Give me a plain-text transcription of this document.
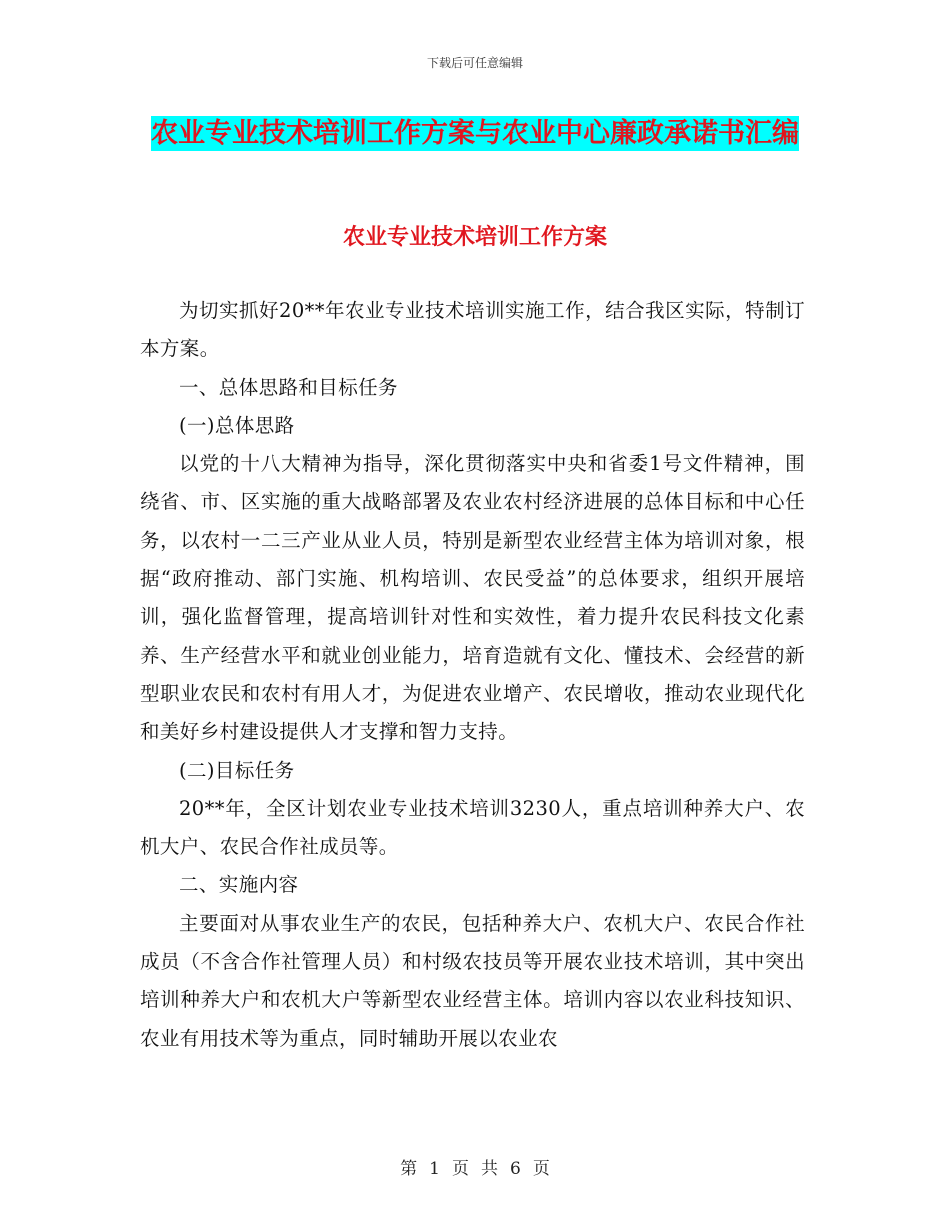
下载后可任意编辑
农业专业技术培训工作方案与农业中心廉政承诺书汇编
农业专业技术培训工作方案

为切实抓好20**年农业专业技术培训实施工作，结合我区实际，特制订本方案。

一、总体思路和目标任务

(一)总体思路

以党的十八大精神为指导，深化贯彻落实中央和省委1号文件精神，围绕省、市、区实施的重大战略部署及农业农村经济进展的总体目标和中心任务，以农村一二三产业从业人员，特别是新型农业经营主体为培训对象，根据“政府推动、部门实施、机构培训、农民受益”的总体要求，组织开展培训，强化监督管理，提高培训针对性和实效性，着力提升农民科技文化素养、生产经营水平和就业创业能力，培育造就有文化、懂技术、会经营的新型职业农民和农村有用人才，为促进农业增产、农民增收，推动农业现代化和美好乡村建设提供人才支撑和智力支持。

(二)目标任务

20**年，全区计划农业专业技术培训3230人，重点培训种养大户、农机大户、农民合作社成员等。

二、实施内容

主要面对从事农业生产的农民，包括种养大户、农机大户、农民合作社成员（不含合作社管理人员）和村级农技员等开展农业技术培训，其中突出培训种养大户和农机大户等新型农业经营主体。培训内容以农业科技知识、农业有用技术等为重点，同时辅助开展以农业农

第 1 页 共 6 页
